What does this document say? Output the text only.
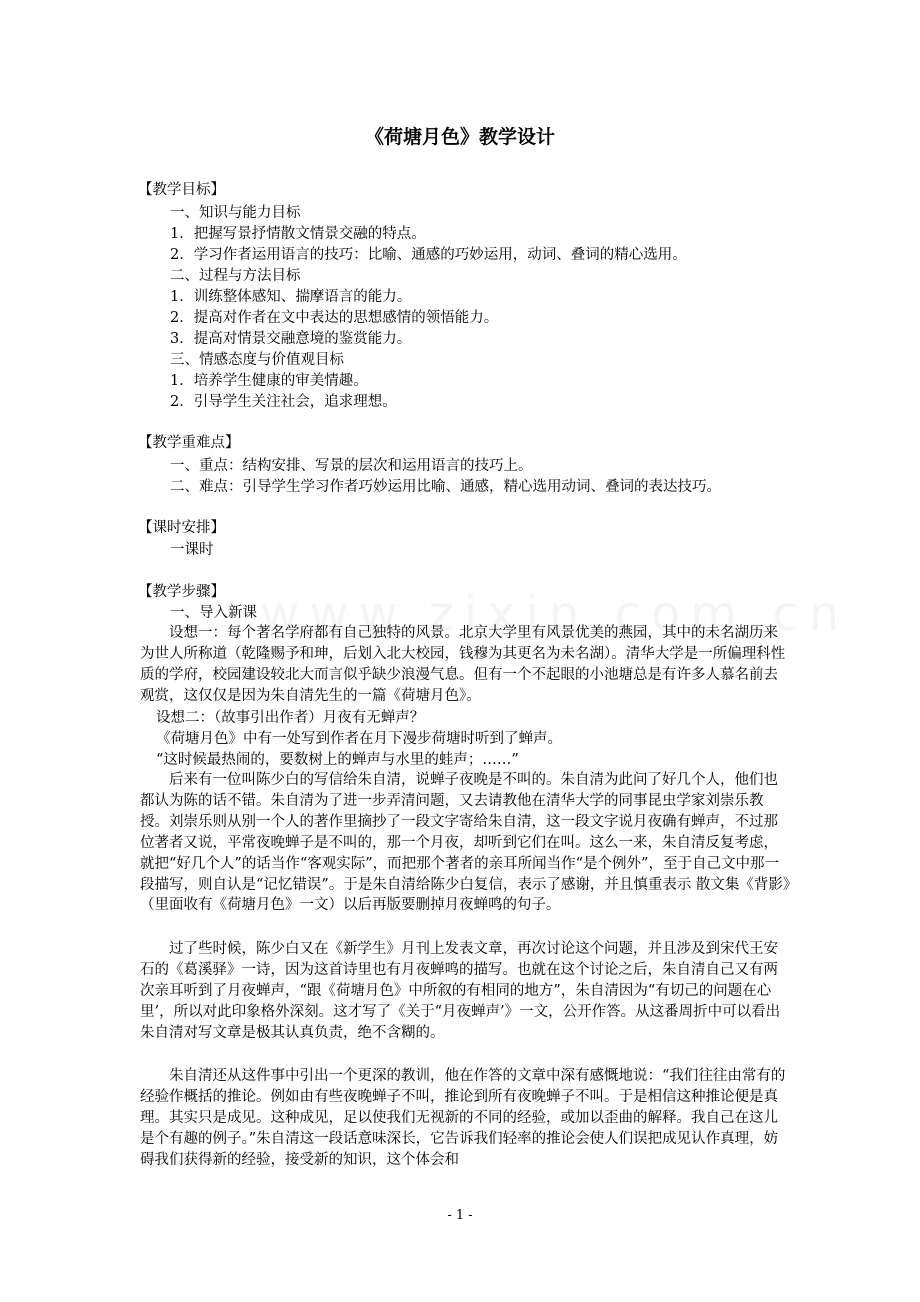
《荷塘月色》教学设计
【教学目标】
一、知识与能力目标
1．把握写景抒情散文情景交融的特点。
2．学习作者运用语言的技巧：比喻、通感的巧妙运用，动词、叠词的精心选用。
二、过程与方法目标
1．训练整体感知、揣摩语言的能力。
2．提高对作者在文中表达的思想感情的领悟能力。
3．提高对情景交融意境的鉴赏能力。
三、情感态度与价值观目标
1．培养学生健康的审美情趣。
2．引导学生关注社会，追求理想。
【教学重难点】
一、重点：结构安排、写景的层次和运用语言的技巧上。
二、难点：引导学生学习作者巧妙运用比喻、通感，精心选用动词、叠词的表达技巧。
【课时安排】
一课时
【教学步骤】
一、导入新课

设想一：每个著名学府都有自己独特的风景。北京大学里有风景优美的燕园，其中的未名湖历来为世人所称道（乾隆赐予和珅，后划入北大校园，钱穆为其更名为未名湖）。清华大学是一所偏理科性质的学府，校园建设较北大而言似乎缺少浪漫气息。但有一个不起眼的小池塘总是有许多人慕名前去观赏，这仅仅是因为朱自清先生的一篇《荷塘月色》。

设想二：（故事引出作者）月夜有无蝉声？
《荷塘月色》中有一处写到作者在月下漫步荷塘时听到了蝉声。
“这时候最热闹的，要数树上的蝉声与水里的蛙声；……”

后来有一位叫陈少白的写信给朱自清，说蝉子夜晚是不叫的。朱自清为此问了好几个人，他们也都认为陈的话不错。朱自清为了进一步弄清问题，又去请教他在清华大学的同事昆虫学家刘崇乐教授。刘崇乐则从别一个人的著作里摘抄了一段文字寄给朱自清，这一段文字说月夜确有蝉声，不过那位著者又说，平常夜晚蝉子是不叫的，那一个月夜，却听到它们在叫。这么一来，朱自清反复考虑，就把“好几个人”的话当作“客观实际”，而把那个著者的亲耳所闻当作“是个例外”，至于自己文中那一段描写，则自认是“记忆错误”。于是朱自清给陈少白复信，表示了感谢，并且慎重表示 散文集《背影》（里面收有《荷塘月色》一文）以后再版要删掉月夜蝉鸣的句子。

过了些时候，陈少白又在《新学生》月刊上发表文章，再次讨论这个问题，并且涉及到宋代王安石的《葛溪驿》一诗，因为这首诗里也有月夜蝉鸣的描写。也就在这个讨论之后，朱自清自己又有两次亲耳听到了月夜蝉声，“跟《荷塘月色》中所叙的有相同的地方”，朱自清因为“有切己的问题在心里’，所以对此印象格外深刻。这才写了《关于“月夜蝉声’》一文，公开作答。从这番周折中可以看出朱自清对写文章是极其认真负责，绝不含糊的。

朱自清还从这件事中引出一个更深的教训，他在作答的文章中深有感慨地说：“我们往往由常有的经验作概括的推论。例如由有些夜晚蝉子不叫，推论到所有夜晚蝉子不叫。于是相信这种推论便是真理。其实只是成见。这种成见，足以使我们无视新的不同的经验，或加以歪曲的解释。我自己在这儿是个有趣的例子。”朱自清这一段话意味深长，它告诉我们轻率的推论会使人们误把成见认作真理，妨碍我们获得新的经验，接受新的知识，这个体会和

- 1 -
